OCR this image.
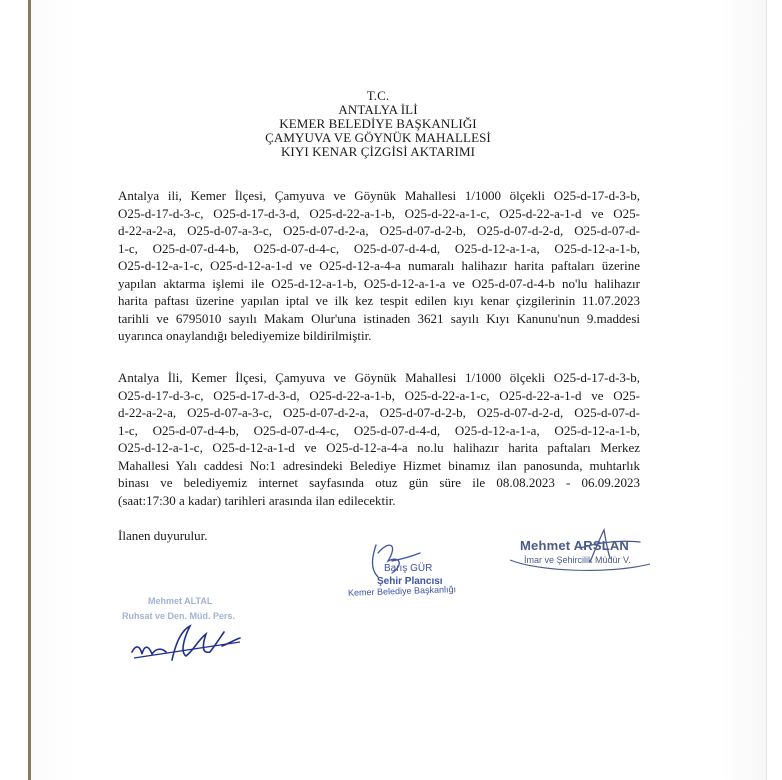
T.C.
ANTALYA İLİ
KEMER BELEDİYE BAŞKANLIĞI
ÇAMYUVA VE GÖYNÜK MAHALLESİ
KIYI KENAR ÇİZGİSİ AKTARIMI
Antalya ili, Kemer İlçesi, Çamyuva ve Göynük Mahallesi 1/1000 ölçekli O25-d-17-d-3-b,
O25-d-17-d-3-c, O25-d-17-d-3-d, O25-d-22-a-1-b, O25-d-22-a-1-c, O25-d-22-a-1-d ve O25-
d-22-a-2-a, O25-d-07-a-3-c, O25-d-07-d-2-a, O25-d-07-d-2-b, O25-d-07-d-2-d, O25-d-07-d-
1-c, O25-d-07-d-4-b, O25-d-07-d-4-c, O25-d-07-d-4-d, O25-d-12-a-1-a, O25-d-12-a-1-b,
O25-d-12-a-1-c, O25-d-12-a-1-d ve O25-d-12-a-4-a numaralı halihazır harita paftaları üzerine
yapılan aktarma işlemi ile O25-d-12-a-1-b, O25-d-12-a-1-a ve O25-d-07-d-4-b no'lu halihazır
harita paftası üzerine yapılan iptal ve ilk kez tespit edilen kıyı kenar çizgilerinin 11.07.2023
tarihli ve 6795010 sayılı Makam Olur'una istinaden 3621 sayılı Kıyı Kanunu'nun 9.maddesi
uyarınca onaylandığı belediyemize bildirilmiştir.
Antalya İli, Kemer İlçesi, Çamyuva ve Göynük Mahallesi 1/1000 ölçekli O25-d-17-d-3-b,
O25-d-17-d-3-c, O25-d-17-d-3-d, O25-d-22-a-1-b, O25-d-22-a-1-c, O25-d-22-a-1-d ve O25-
d-22-a-2-a, O25-d-07-a-3-c, O25-d-07-d-2-a, O25-d-07-d-2-b, O25-d-07-d-2-d, O25-d-07-d-
1-c, O25-d-07-d-4-b, O25-d-07-d-4-c, O25-d-07-d-4-d, O25-d-12-a-1-a, O25-d-12-a-1-b,
O25-d-12-a-1-c, O25-d-12-a-1-d ve O25-d-12-a-4-a no.lu halihazır harita paftaları Merkez
Mahallesi Yalı caddesi No:1 adresindeki Belediye Hizmet binamız ilan panosunda, muhtarlık
binası ve belediyemiz internet sayfasında otuz gün süre ile 08.08.2023 - 06.09.2023
(saat:17:30 a kadar) tarihleri arasında ilan edilecektir.
İlanen duyurulur.
Barış GÜR
Şehir Plancısı
Kemer Belediye Başkanlığı
Mehmet ARSLAN
İmar ve Şehircilik Müdür V.
Mehmet ALTAL
Ruhsat ve Den. Müd. Pers.
